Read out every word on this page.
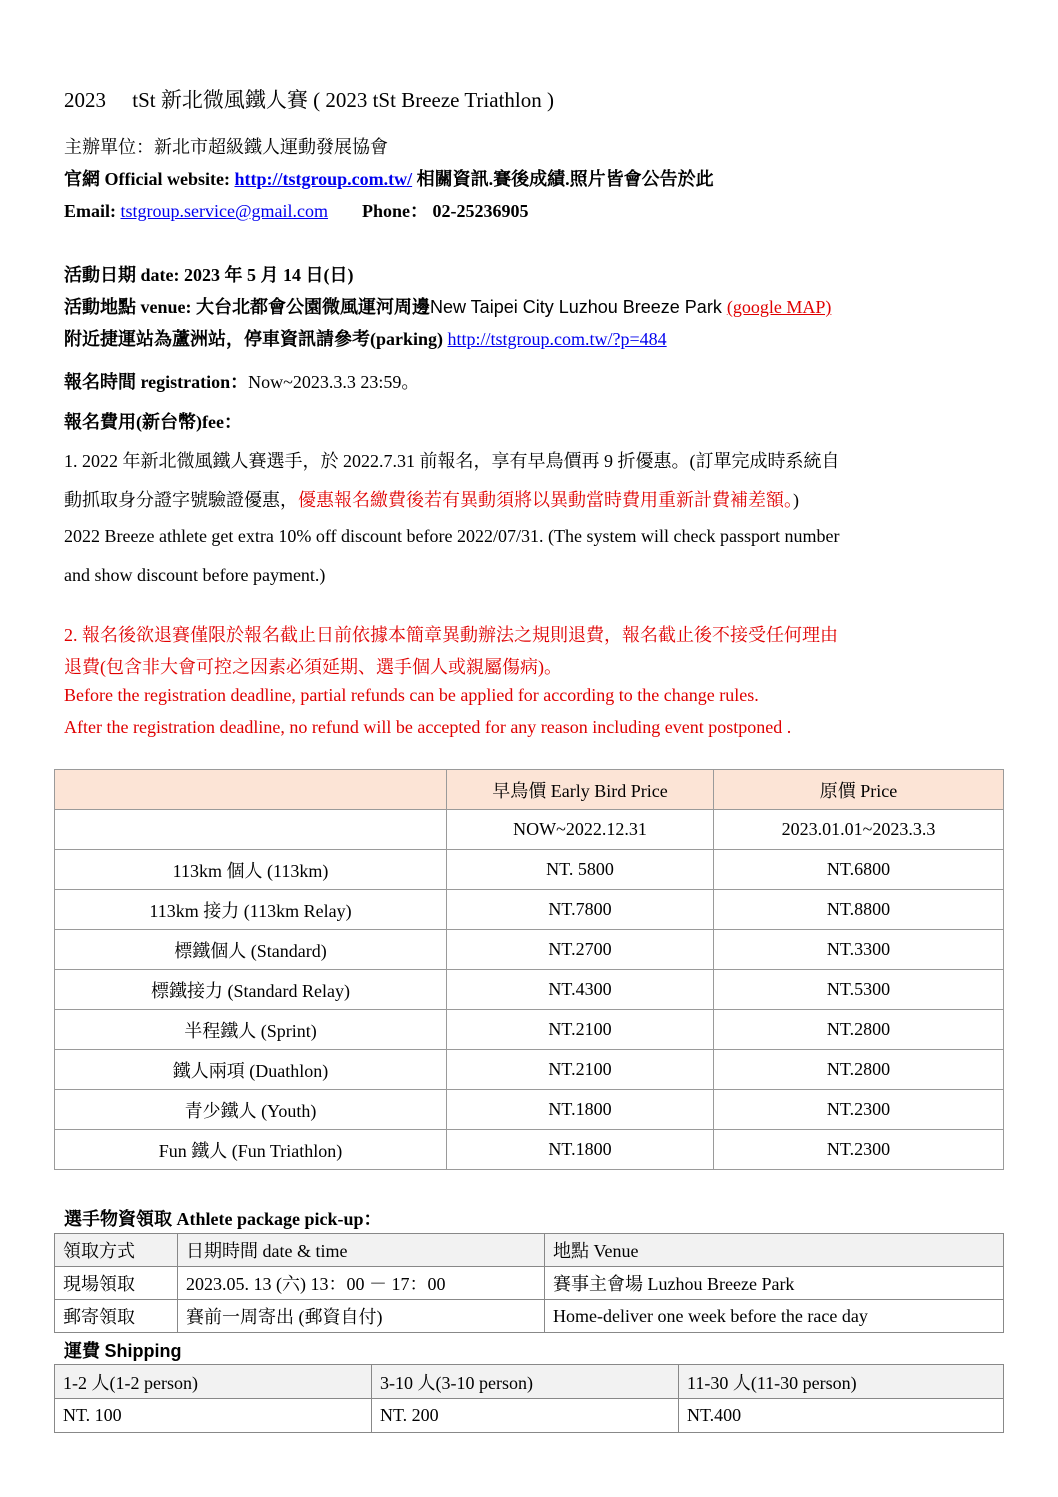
2023　 tSt 新北微風鐵人賽 ( 2023 tSt Breeze Triathlon )
主辦單位：新北市超級鐵人運動發展協會
官網 Official website: http://tstgroup.com.tw/ 相關資訊.賽後成績.照片皆會公告於此
Email: tstgroup.service@gmail.com Phone： 02-25236905
活動日期 date: 2023 年 5 月 14 日(日)
活動地點 venue: 大台北都會公園微風運河周邊New Taipei City Luzhou Breeze Park (google MAP)
附近捷運站為蘆洲站，停車資訊請參考(parking) http://tstgroup.com.tw/?p=484
報名時間 registration：Now~2023.3.3 23:59。
報名費用(新台幣)fee：
1. 2022 年新北微風鐵人賽選手，於 2022.7.31 前報名，享有早鳥價再 9 折優惠。(訂單完成時系統自
動抓取身分證字號驗證優惠，優惠報名繳費後若有異動須將以異動當時費用重新計費補差額。)
2022 Breeze athlete get extra 10% off discount before 2022/07/31. (The system will check passport number
and show discount before payment.)
2. 報名後欲退賽僅限於報名截止日前依據本簡章異動辦法之規則退費，報名截止後不接受任何理由
退費(包含非大會可控之因素必須延期、選手個人或親屬傷病)。
Before the registration deadline, partial refunds can be applied for according to the change rules.
After the registration deadline, no refund will be accepted for any reason including event postponed .
	早鳥價 Early Bird Price	原價 Price
	NOW~2022.12.31	2023.01.01~2023.3.3
113km 個人 (113km)	NT. 5800	NT.6800
113km 接力 (113km Relay)	NT.7800	NT.8800
標鐵個人 (Standard)	NT.2700	NT.3300
標鐵接力 (Standard Relay)	NT.4300	NT.5300
半程鐵人 (Sprint)	NT.2100	NT.2800
鐵人兩項 (Duathlon)	NT.2100	NT.2800
青少鐵人 (Youth)	NT.1800	NT.2300
Fun 鐵人 (Fun Triathlon)	NT.1800	NT.2300
選手物資領取 Athlete package pick-up：
領取方式	日期時間 date & time	地點 Venue
現場領取	2023.05. 13 (六) 13：00 － 17：00	賽事主會場 Luzhou Breeze Park
郵寄領取	賽前一周寄出 (郵資自付)	Home-deliver one week before the race day
運費 Shipping
1-2 人(1-2 person)	3-10 人(3-10 person)	11-30 人(11-30 person)
NT. 100	NT. 200	NT.400
